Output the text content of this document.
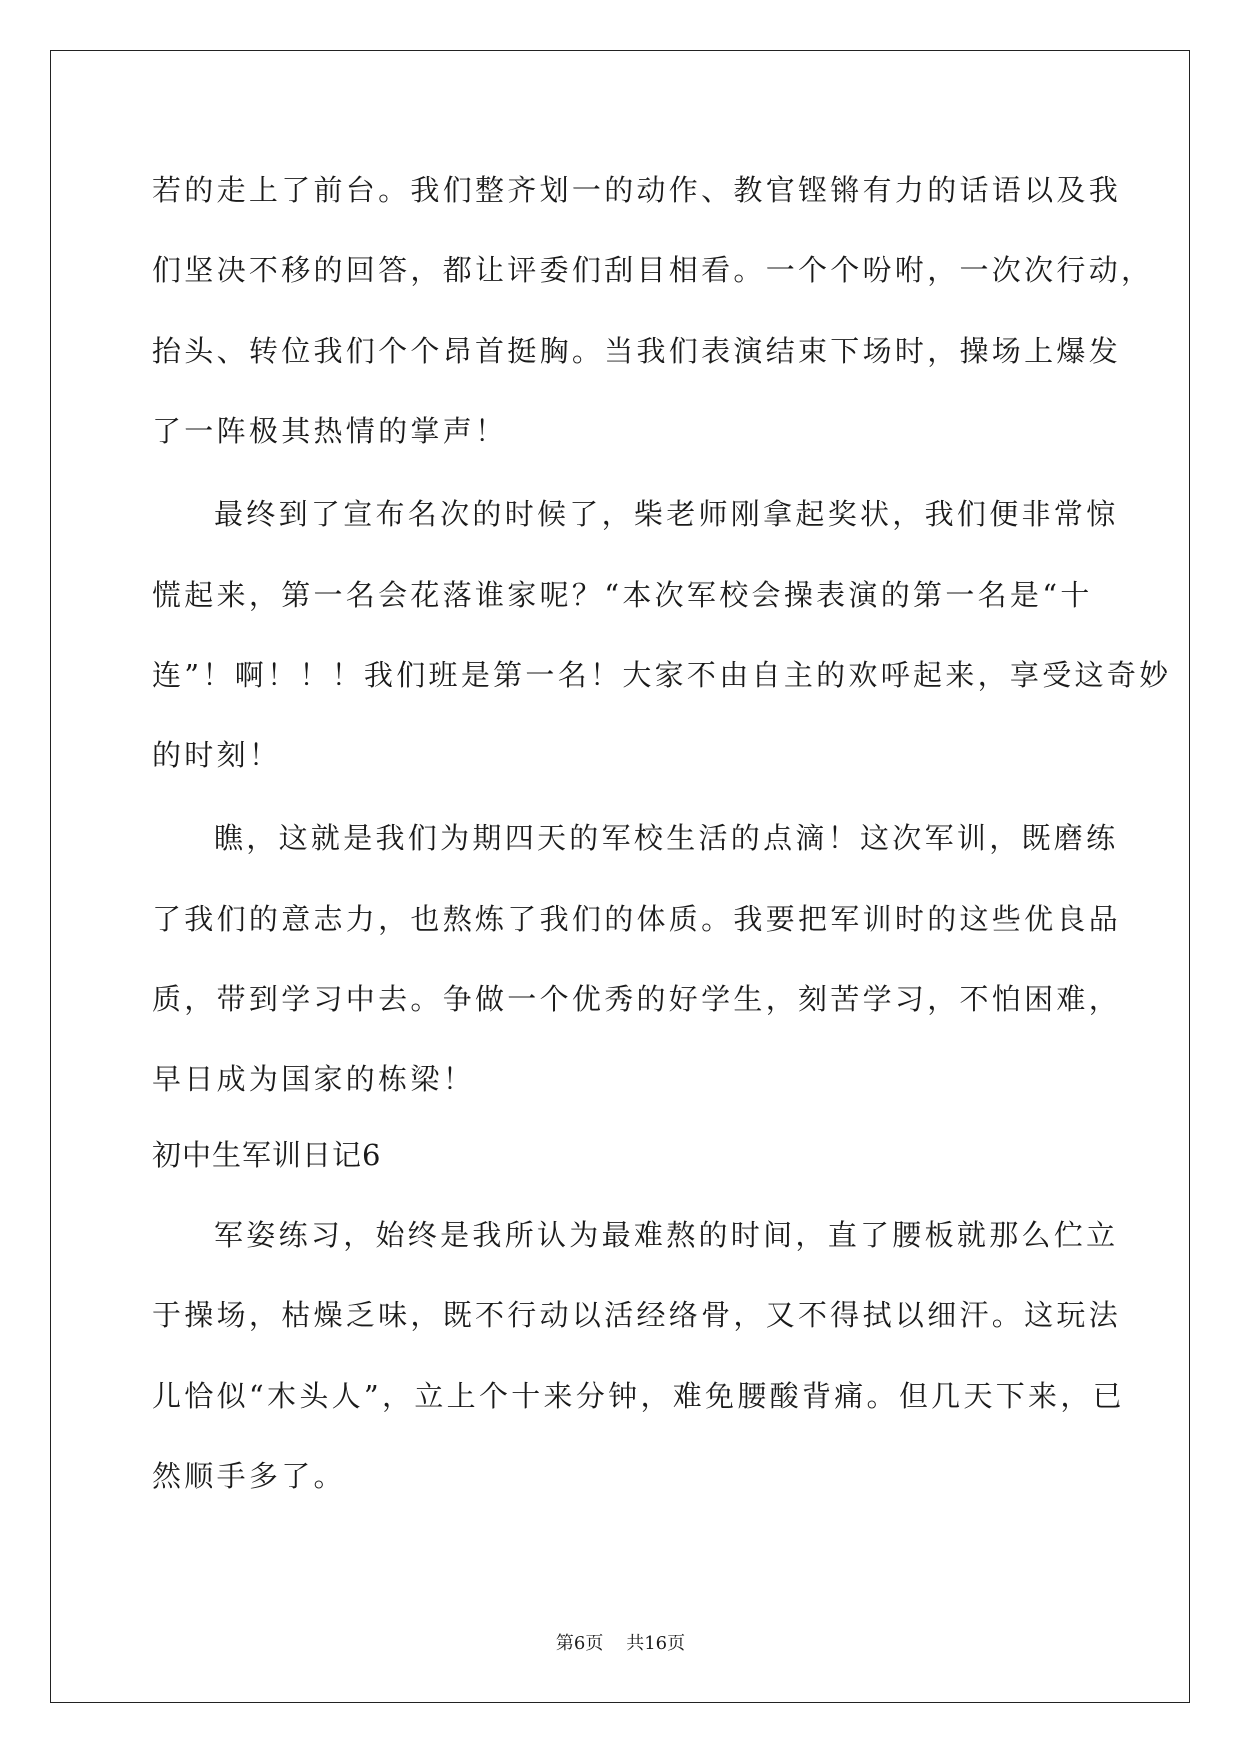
若的走上了前台。我们整齐划一的动作、教官铿锵有力的话语以及我
们坚决不移的回答，都让评委们刮目相看。一个个吩咐，一次次行动，
抬头、转位我们个个昂首挺胸。当我们表演结束下场时，操场上爆发
了一阵极其热情的掌声！
最终到了宣布名次的时候了，柴老师刚拿起奖状，我们便非常惊
慌起来，第一名会花落谁家呢？“本次军校会操表演的第一名是“十
连”！啊！！！我们班是第一名！大家不由自主的欢呼起来，享受这奇妙
的时刻！
瞧，这就是我们为期四天的军校生活的点滴！这次军训，既磨练
了我们的意志力，也熬炼了我们的体质。我要把军训时的这些优良品
质，带到学习中去。争做一个优秀的好学生，刻苦学习，不怕困难，
早日成为国家的栋梁！
初中生军训日记6
军姿练习，始终是我所认为最难熬的时间，直了腰板就那么伫立
于操场，枯燥乏味，既不行动以活经络骨，又不得拭以细汗。这玩法
儿恰似“木头人”，立上个十来分钟，难免腰酸背痛。但几天下来，已
然顺手多了。
第6页    共16页
